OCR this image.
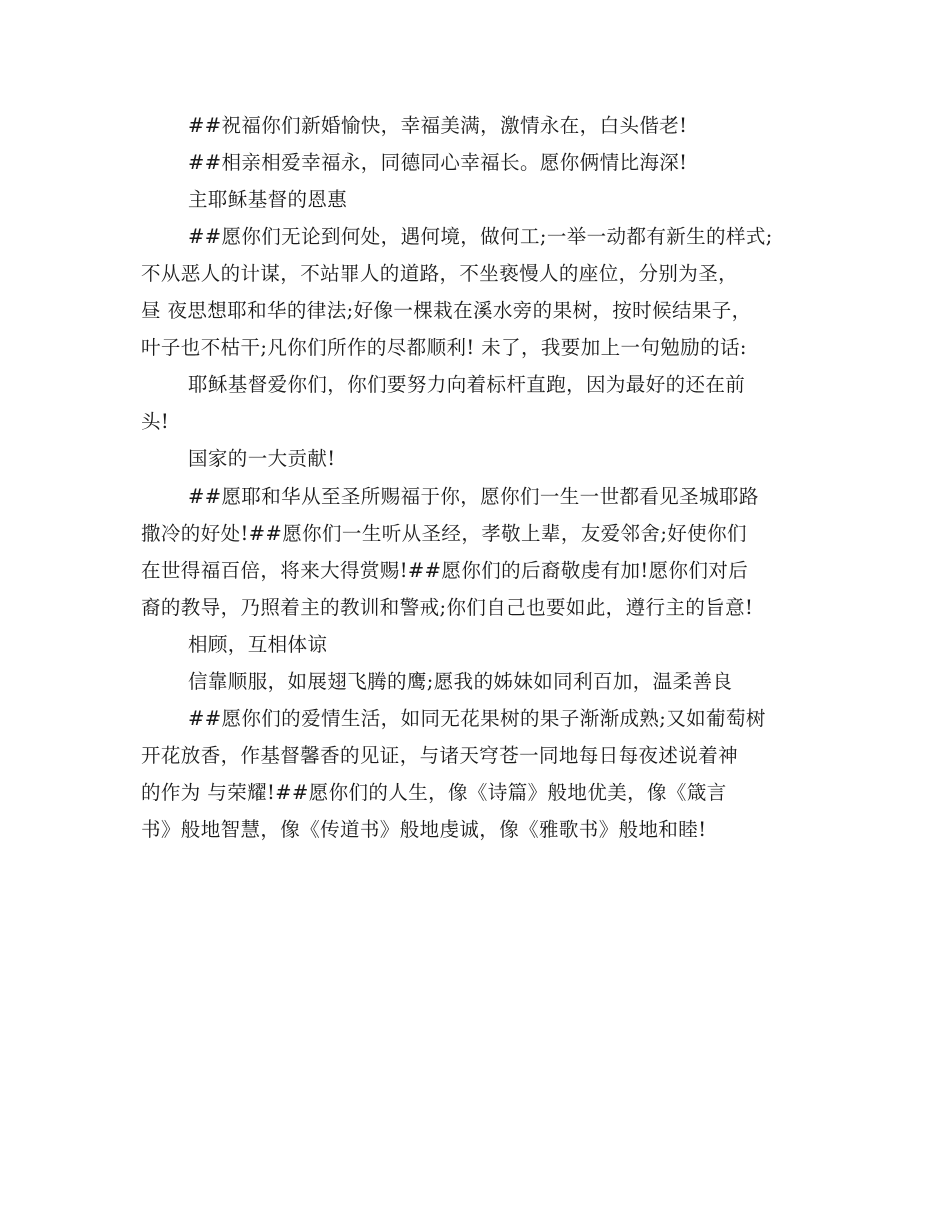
##祝福你们新婚愉快，幸福美满，激情永在，白头偕老!
##相亲相爱幸福永，同德同心幸福长。愿你俩情比海深!
主耶稣基督的恩惠
##愿你们无论到何处，遇何境，做何工;一举一动都有新生的样式;
不从恶人的计谋，不站罪人的道路，不坐亵慢人的座位，分别为圣，
昼 夜思想耶和华的律法;好像一棵栽在溪水旁的果树，按时候结果子，
叶子也不枯干;凡你们所作的尽都顺利! 未了，我要加上一句勉励的话:
耶稣基督爱你们，你们要努力向着标杆直跑，因为最好的还在前
头!
国家的一大贡献!
##愿耶和华从至圣所赐福于你，愿你们一生一世都看见圣城耶路
撒冷的好处!##愿你们一生听从圣经，孝敬上辈，友爱邻舍;好使你们
在世得福百倍，将来大得赏赐!##愿你们的后裔敬虔有加!愿你们对后
裔的教导，乃照着主的教训和警戒;你们自己也要如此，遵行主的旨意!
相顾，互相体谅
信靠顺服，如展翅飞腾的鹰;愿我的姊妹如同利百加，温柔善良
##愿你们的爱情生活，如同无花果树的果子渐渐成熟;又如葡萄树
开花放香，作基督馨香的见证，与诸天穹苍一同地每日每夜述说着神
的作为 与荣耀!##愿你们的人生，像《诗篇》般地优美，像《箴言
书》般地智慧，像《传道书》般地虔诚，像《雅歌书》般地和睦!
